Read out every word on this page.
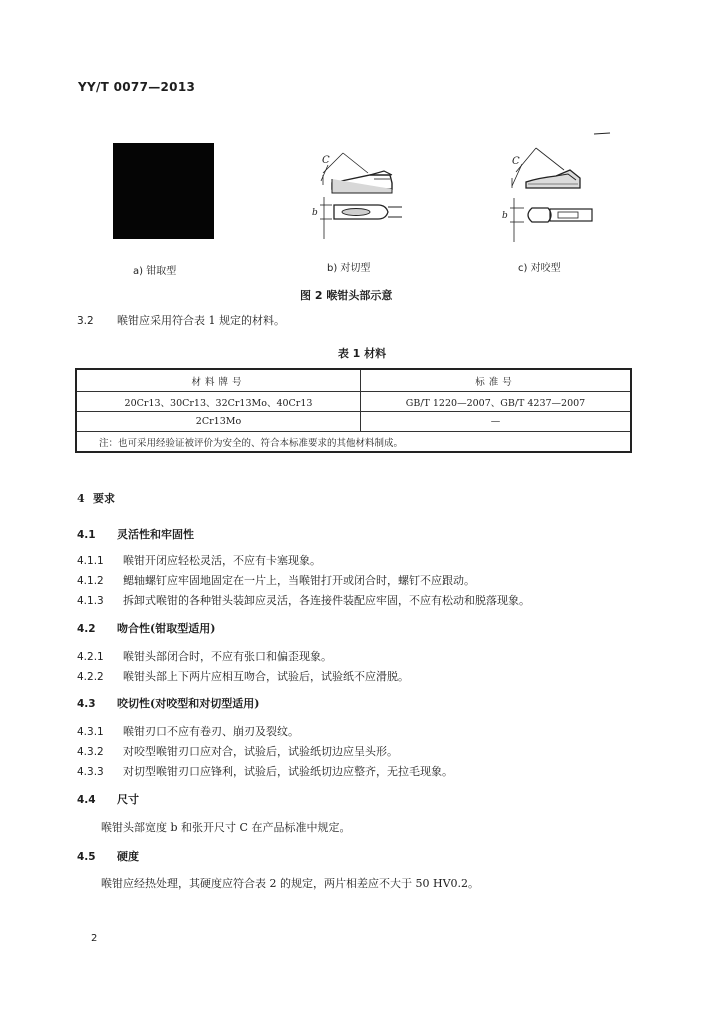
YY/T 0077—2013
C
b
C
b
a) 钳取型	b) 对切型	c) 对咬型
图 2 喉钳头部示意
3.2 喉钳应采用符合表 1 规定的材料。
表 1 材料
材料牌号	标准号
20Cr13、30Cr13、32Cr13Mo、40Cr13	GB/T 1220—2007、GB/T 4237—2007
2Cr13Mo	—
注：也可采用经验证被评价为安全的、符合本标准要求的其他材料制成。	
4 要求
4.1 灵活性和牢固性
4.1.1 喉钳开闭应轻松灵活，不应有卡塞现象。
4.1.2 鳃轴螺钉应牢固地固定在一片上，当喉钳打开或闭合时，螺钉不应跟动。
4.1.3 拆卸式喉钳的各种钳头装卸应灵活，各连接件装配应牢固，不应有松动和脱落现象。
4.2 吻合性(钳取型适用)
4.2.1 喉钳头部闭合时，不应有张口和偏歪现象。
4.2.2 喉钳头部上下两片应相互吻合，试验后，试验纸不应滑脱。
4.3 咬切性(对咬型和对切型适用)
4.3.1 喉钳刃口不应有卷刃、崩刃及裂纹。
4.3.2 对咬型喉钳刃口应对合，试验后，试验纸切边应呈头形。
4.3.3 对切型喉钳刃口应锋利，试验后，试验纸切边应整齐，无拉毛现象。
4.4 尺寸
喉钳头部宽度 b 和张开尺寸 C 在产品标准中规定。
4.5 硬度
喉钳应经热处理，其硬度应符合表 2 的规定，两片相差应不大于 50 HV0.2。
2
